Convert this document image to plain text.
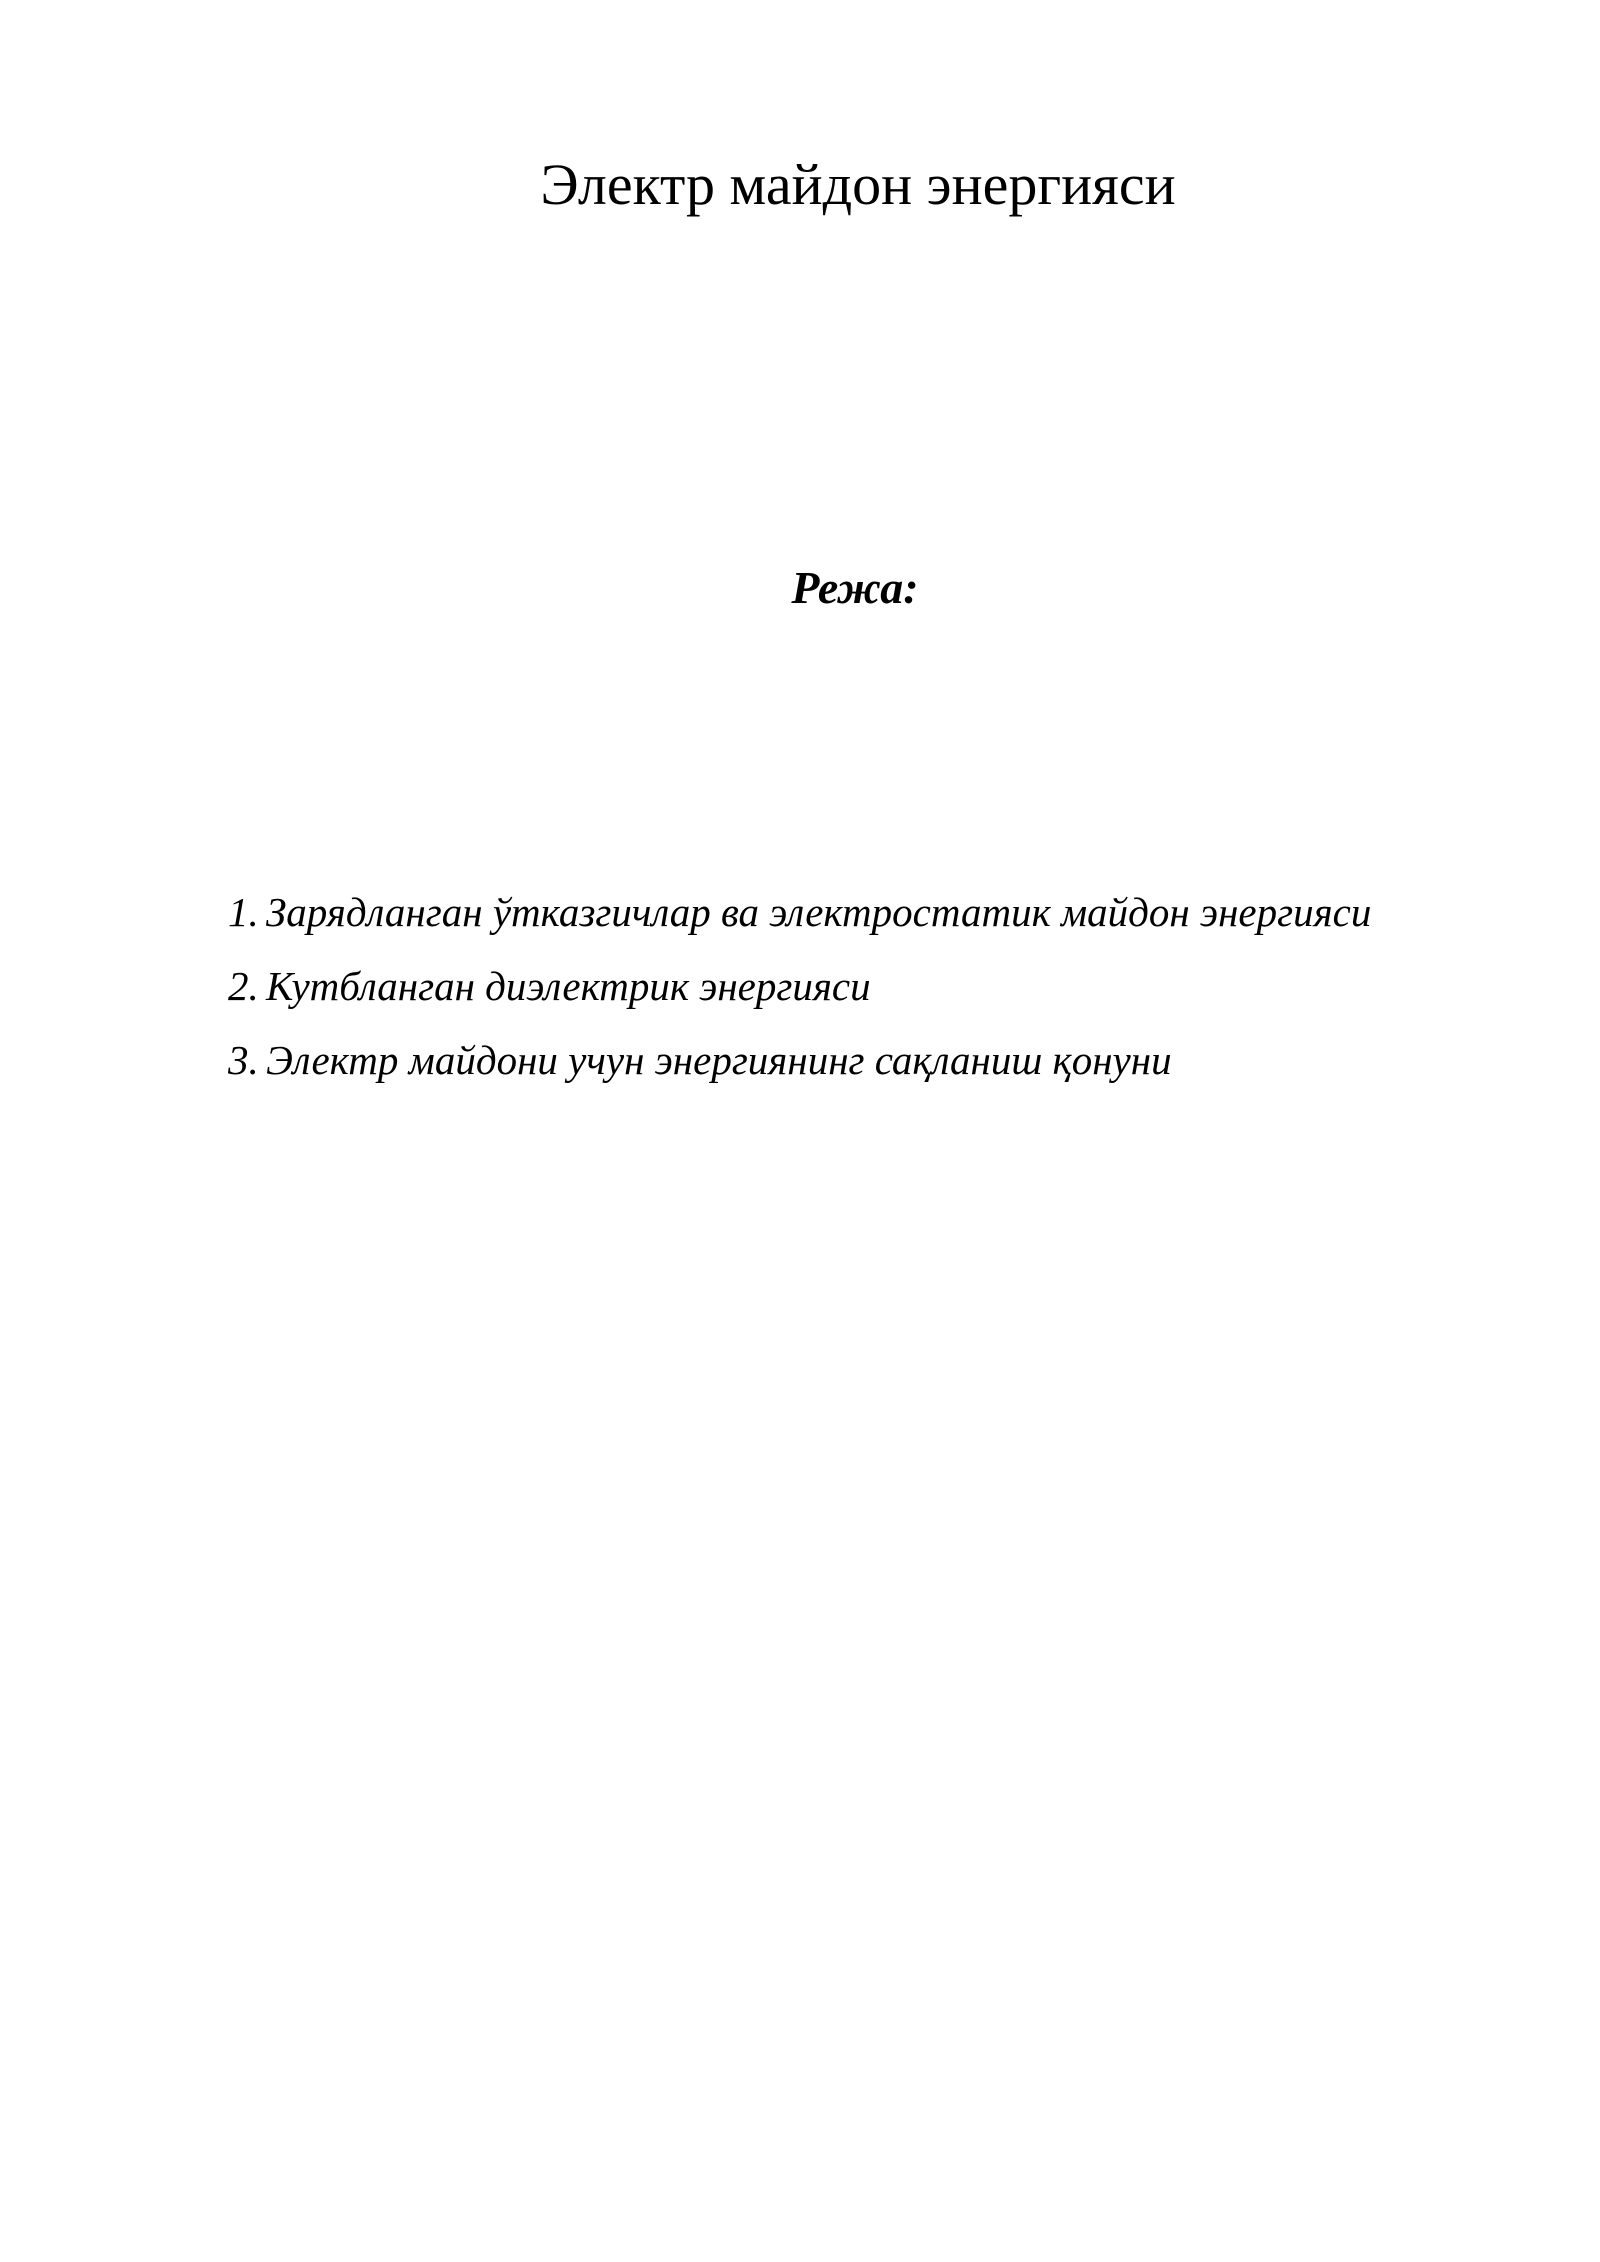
Электр майдон энергияси
Режа:
1. Зарядланган ўтказгичлар ва электростатик майдон энергияси
2. Кутбланган диэлектрик энергияси
3. Электр майдони учун энергиянинг сақланиш қонуни
